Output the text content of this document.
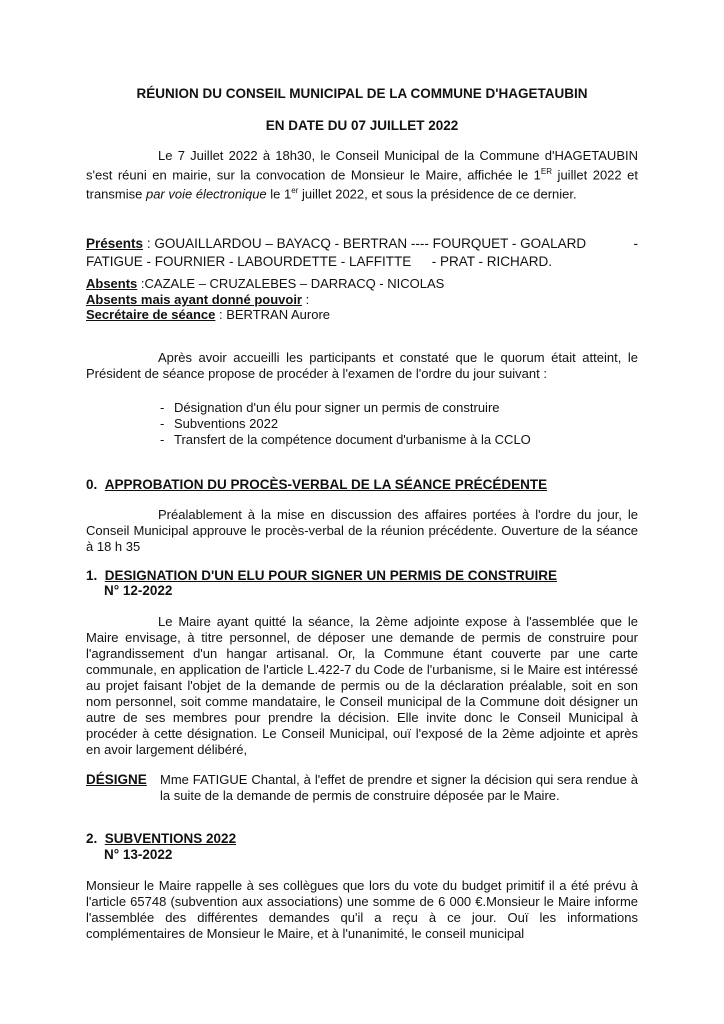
RÉUNION DU CONSEIL MUNICIPAL DE LA COMMUNE D'HAGETAUBIN
EN DATE DU 07 JUILLET 2022

Le 7 Juillet 2022 à 18h30, le Conseil Municipal de la Commune d'HAGETAUBIN s'est réuni en mairie, sur la convocation de Monsieur le Maire, affichée le 1ER juillet 2022 et transmise par voie électronique le 1er juillet 2022, et sous la présidence de ce dernier.

Présents : GOUAILLARDOU – BAYACQ - BERTRAN ---- FOURQUET - GOALARD	-
FATIGUE - FOURNIER - LABOURDETTE - LAFFITTE - PRAT - RICHARD.
Absents :CAZALE – CRUZALEBES – DARRACQ - NICOLAS
Absents mais ayant donné pouvoir :
Secrétaire de séance : BERTRAN Aurore

Après avoir accueilli les participants et constaté que le quorum était atteint, le Président de séance propose de procéder à l'examen de l'ordre du jour suivant :

- Désignation d'un élu pour signer un permis de construire
- Subventions 2022
- Transfert de la compétence document d'urbanisme à la CCLO
0. APPROBATION DU PROCÈS-VERBAL DE LA SÉANCE PRÉCÉDENTE

Préalablement à la mise en discussion des affaires portées à l'ordre du jour, le Conseil Municipal approuve le procès-verbal de la réunion précédente. Ouverture de la séance à 18 h 35

1. DESIGNATION D'UN ELU POUR SIGNER UN PERMIS DE CONSTRUIRE
N° 12-2022

Le Maire ayant quitté la séance, la 2ème adjointe expose à l'assemblée que le Maire envisage, à titre personnel, de déposer une demande de permis de construire pour l'agrandissement d'un hangar artisanal. Or, la Commune étant couverte par une carte communale, en application de l'article L.422-7 du Code de l'urbanisme, si le Maire est intéressé au projet faisant l'objet de la demande de permis ou de la déclaration préalable, soit en son nom personnel, soit comme mandataire, le Conseil municipal de la Commune doit désigner un autre de ses membres pour prendre la décision. Elle invite donc le Conseil Municipal à procéder à cette désignation. Le Conseil Municipal, ouï l'exposé de la 2ème adjointe et après en avoir largement délibéré,

DÉSIGNE Mme FATIGUE Chantal, à l'effet de prendre et signer la décision qui sera rendue à la suite de la demande de permis de construire déposée par le Maire.

2. SUBVENTIONS 2022
N° 13-2022

Monsieur le Maire rappelle à ses collègues que lors du vote du budget primitif il a été prévu à l'article 65748 (subvention aux associations) une somme de 6 000 €.Monsieur le Maire informe l'assemblée des différentes demandes qu'il a reçu à ce jour. Ouï les informations complémentaires de Monsieur le Maire, et à l'unanimité, le conseil municipal
